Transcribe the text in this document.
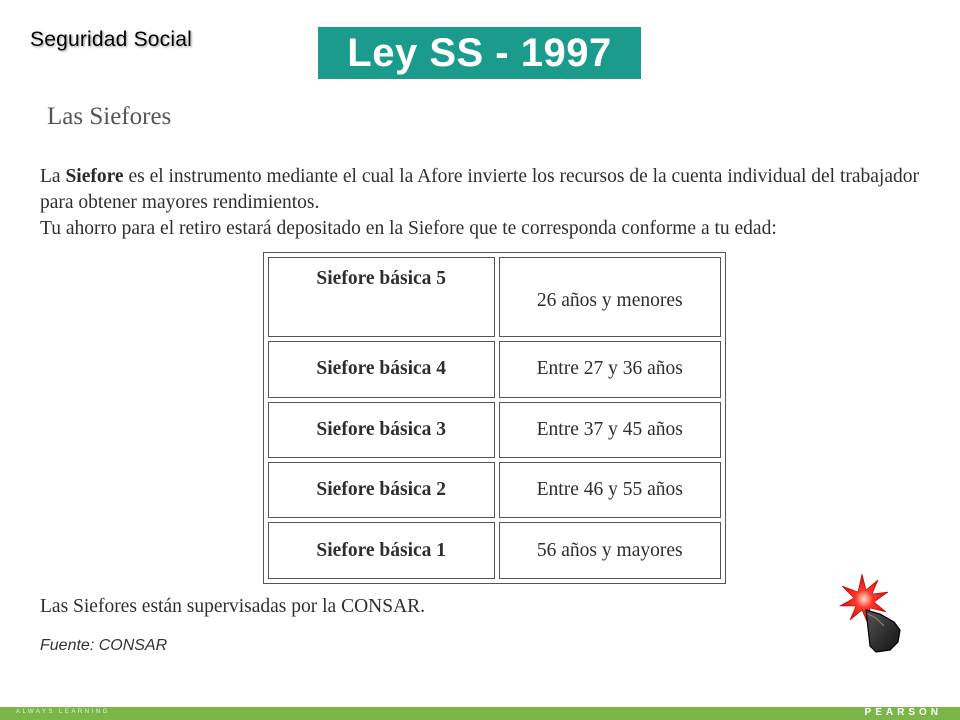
Seguridad Social	Ley SS - 1997
Las Siefores

La Siefore es el instrumento mediante el cual la Afore invierte los recursos de la cuenta individual del trabajador para obtener mayores rendimientos.

Tu ahorro para el retiro estará depositado en la Siefore que te corresponda conforme a tu edad:

Siefore básica 5	26 años y menores
Siefore básica 4	Entre 27 y 36 años
Siefore básica 3	Entre 37 y 45 años
Siefore básica 2	Entre 46 y 55 años
Siefore básica 1	56 años y mayores
Las Siefores están supervisadas por la CONSAR.
Fuente: CONSAR
ALWAYS LEARNING	PEARSON
